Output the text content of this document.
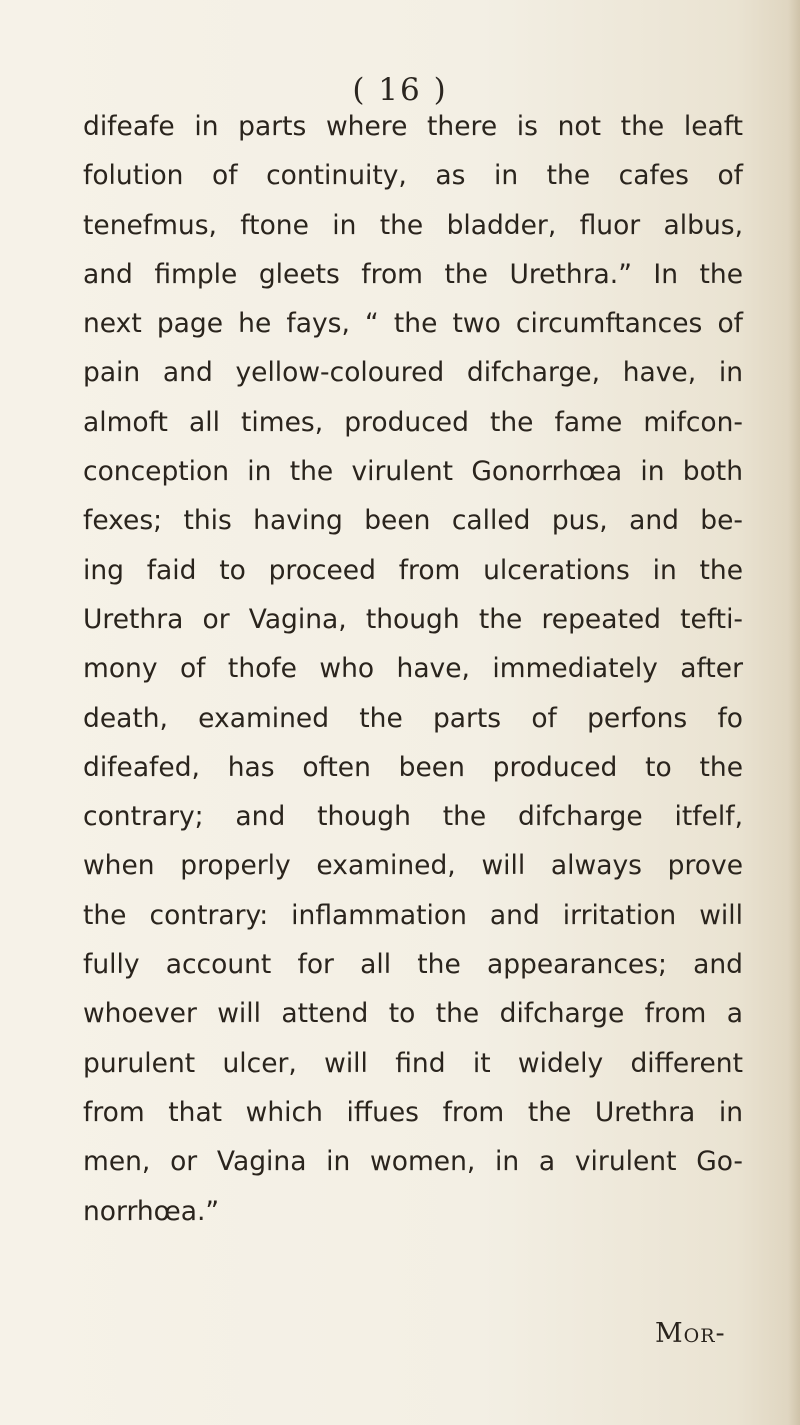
( 16 )
difeafe in parts where there is not the leaft
folution of continuity, as in the cafes of
tenefmus, ftone in the bladder, fluor albus,
and fimple gleets from the Urethra.” In the
next page he fays, “ the two circumftances of
pain and yellow-coloured difcharge, have, in
almoft all times, produced the fame mifcon-
conception in the virulent Gonorrhœa in both
fexes; this having been called pus, and be-
ing faid to proceed from ulcerations in the
Urethra or Vagina, though the repeated tefti-
mony of thofe who have, immediately after
death, examined the parts of perfons fo
difeafed, has often been produced to the
contrary; and though the difcharge itfelf,
when properly examined, will always prove
the contrary: inflammation and irritation will
fully account for all the appearances; and
whoever will attend to the difcharge from a
purulent ulcer, will find it widely different
from that which iffues from the Urethra in
men, or Vagina in women, in a virulent Go-
norrhœa.”
Mor-
